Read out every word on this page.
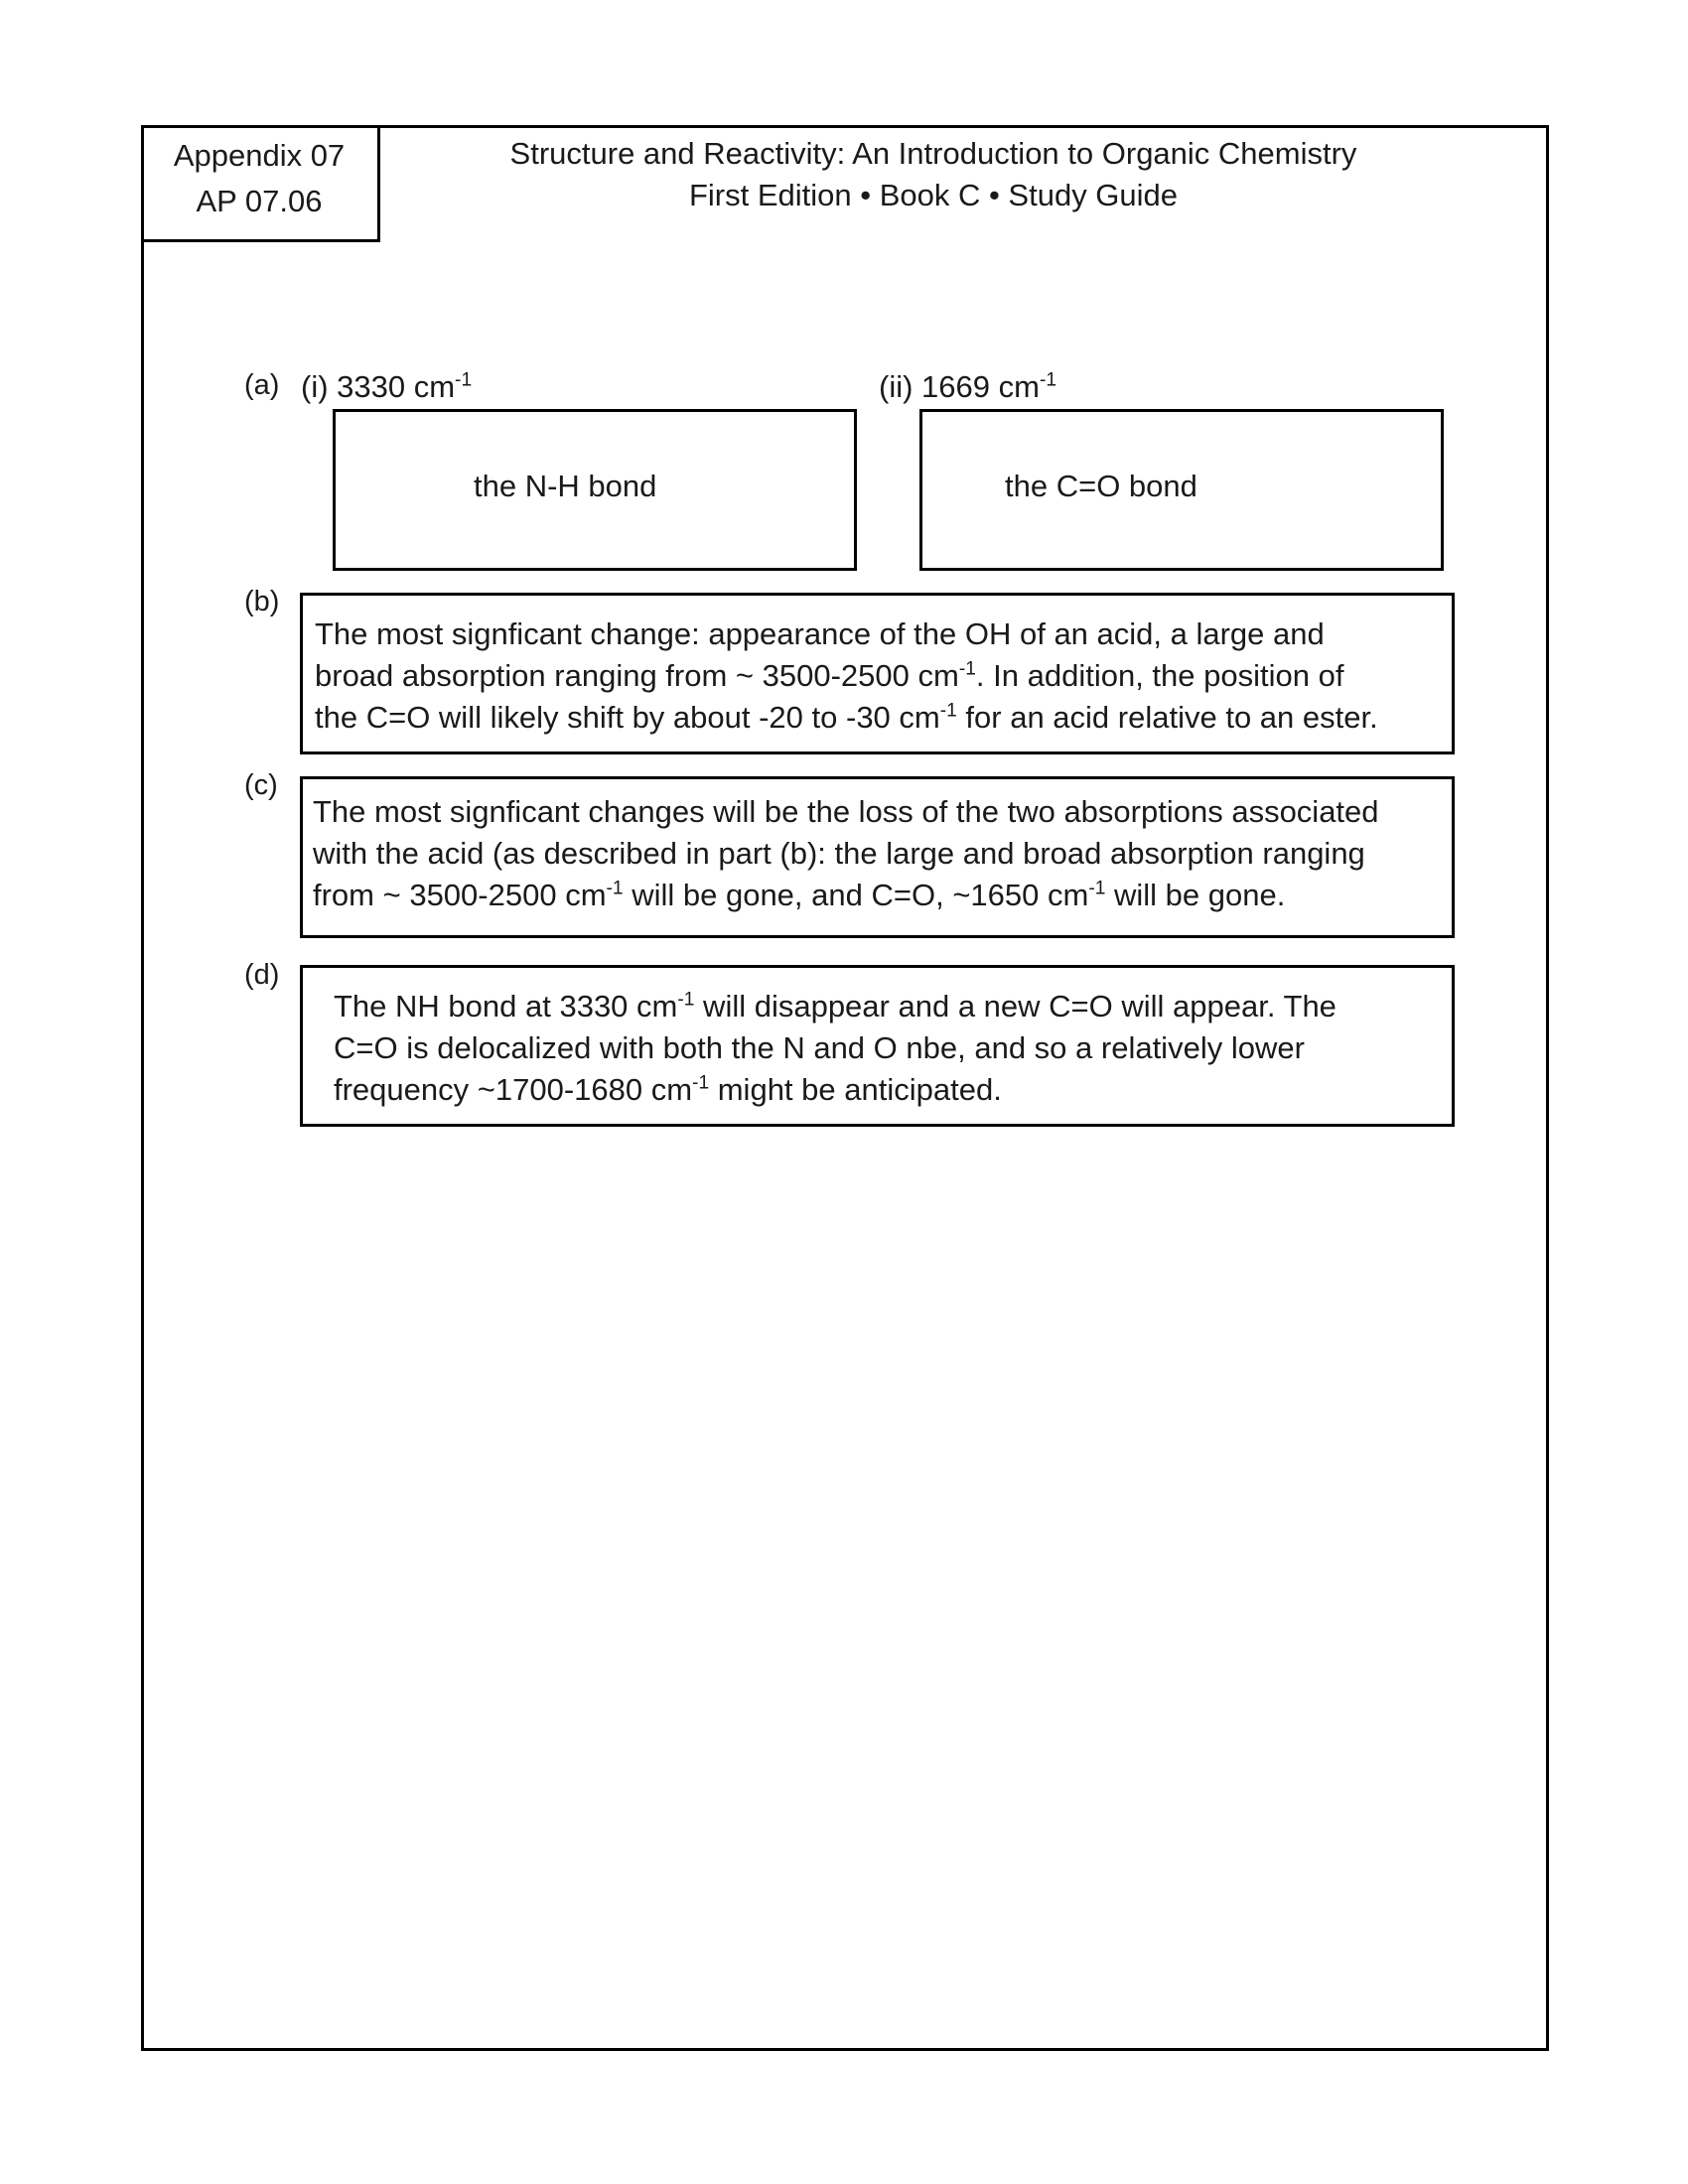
Appendix 07
AP 07.06
Structure and Reactivity: An Introduction to Organic Chemistry
First Edition • Book C • Study Guide
(a) (i) 3330 $cm^{-1}$	(ii) 1669 $cm^{-1}$
the N-H bond	the C=O bond
(b)
The most signficant change: appearance of the OH of an acid, a large and
broad absorption ranging from ~ 3500-2500 $cm^{-1}$. In addition, the position of
the C=O will likely shift by about -20 to -30 $cm^{-1}$ for an acid relative to an ester.
(c)
The most signficant changes will be the loss of the two absorptions associated
with the acid (as described in part (b): the large and broad absorption ranging
from ~ 3500-2500 $cm^{-1}$ will be gone, and C=O, ~1650 $cm^{-1}$ will be gone.
(d)
The NH bond at 3330 $cm^{-1}$ will disappear and a new C=O will appear. The
C=O is delocalized with both the N and O nbe, and so a relatively lower
frequency ~1700-1680 $cm^{-1}$ might be anticipated.
